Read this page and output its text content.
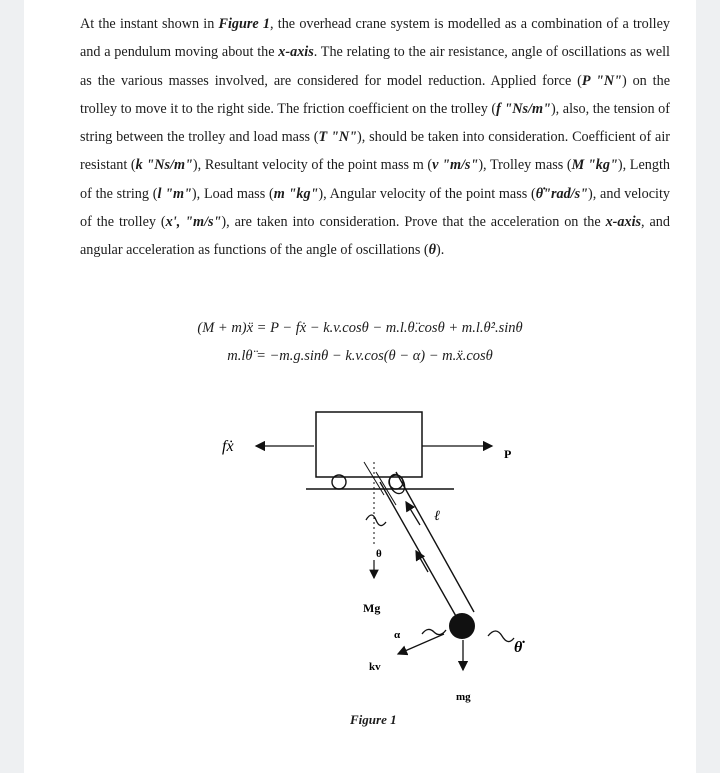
At the instant shown in Figure 1, the overhead crane system is modelled as a combination of a trolley and a pendulum moving about the x-axis. The relating to the air resistance, angle of oscillations as well as the various masses involved, are considered for model reduction. Applied force (P "N") on the trolley to move it to the right side. The friction coefficient on the trolley (f "Ns/m"), also, the tension of string between the trolley and load mass (T "N"), should be taken into consideration. Coefficient of air resistant (k "Ns/m"), Resultant velocity of the point mass m (v "m/s"), Trolley mass (M "kg"), Length of the string (l "m"), Load mass (m "kg"), Angular velocity of the point mass (θ̇"rad/s"), and velocity of the trolley (x', "m/s"), are taken into consideration. Prove that the acceleration on the x-axis, and angular acceleration as functions of the angle of oscillations (θ).
(M + m)ẍ = P − fẋ − k.v.cosθ − m.l.θ̈.cosθ + m.l.θ̇².sinθ
m.lθ̈ = −m.g.sinθ − k.v.cos(θ − α) − m.ẍ.cosθ
fẋ	P
ℓ
θ
Mg
mg
α
kv
θ̇
Figure 1
